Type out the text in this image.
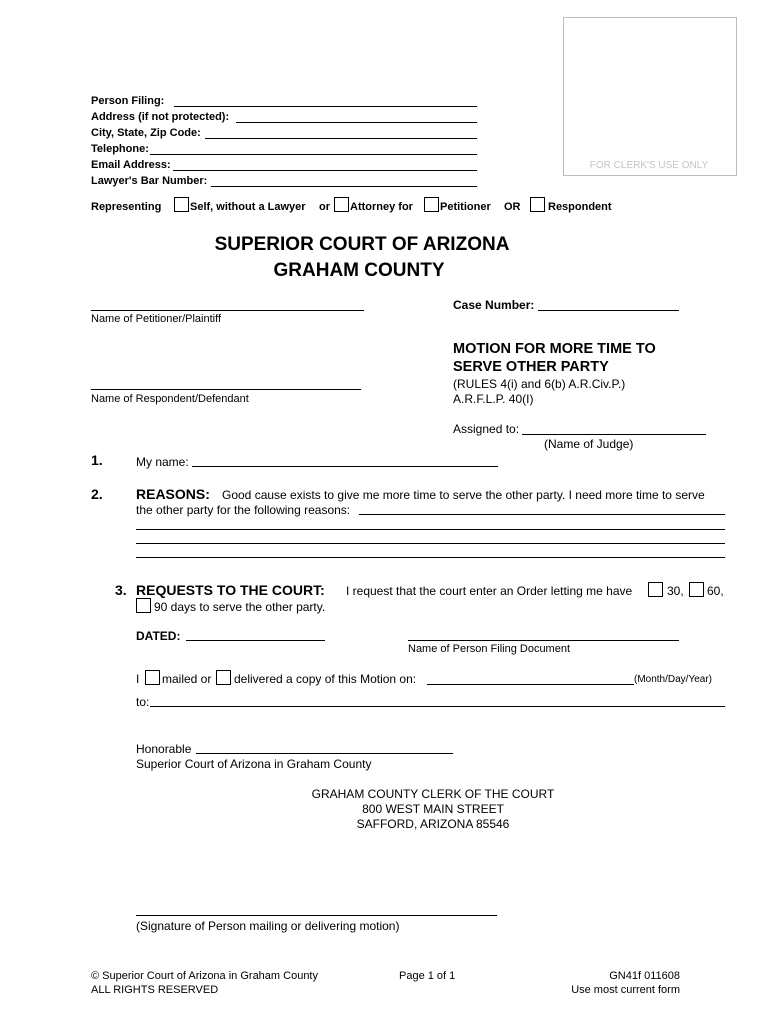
FOR CLERK'S USE ONLY
Person Filing:
Address (if not protected):
City, State, Zip Code:
Telephone:
Email Address:
Lawyer's Bar Number:
Representing	Self, without a Lawyer or Attorney for Petitioner OR	Respondent
SUPERIOR COURT OF ARIZONA
GRAHAM COUNTY
Name of Petitioner/Plaintiff
Name of Respondent/Defendant
Case Number:
MOTION FOR MORE TIME TO
SERVE OTHER PARTY
(RULES 4(i) and 6(b) A.R.Civ.P.)
A.R.F.L.P. 40(I)
Assigned to:
(Name of Judge)
1.	My name:
2. REASONS: Good cause exists to give me more time to serve the other party. I need more time to serve
the other party for the following reasons:
3. REQUESTS TO THE COURT: I request that the court enter an Order letting me have	30, 60,
90 days to serve the other party.
DATED:
Name of Person Filing Document
I mailed or delivered a copy of this Motion on:	(Month/Day/Year)
to:
Honorable
Superior Court of Arizona in Graham County
GRAHAM COUNTY CLERK OF THE COURT
800 WEST MAIN STREET
SAFFORD, ARIZONA 85546
(Signature of Person mailing or delivering motion)
© Superior Court of Arizona in Graham County
ALL RIGHTS RESERVED
Page 1 of 1	GN41f 011608
Use most current form
